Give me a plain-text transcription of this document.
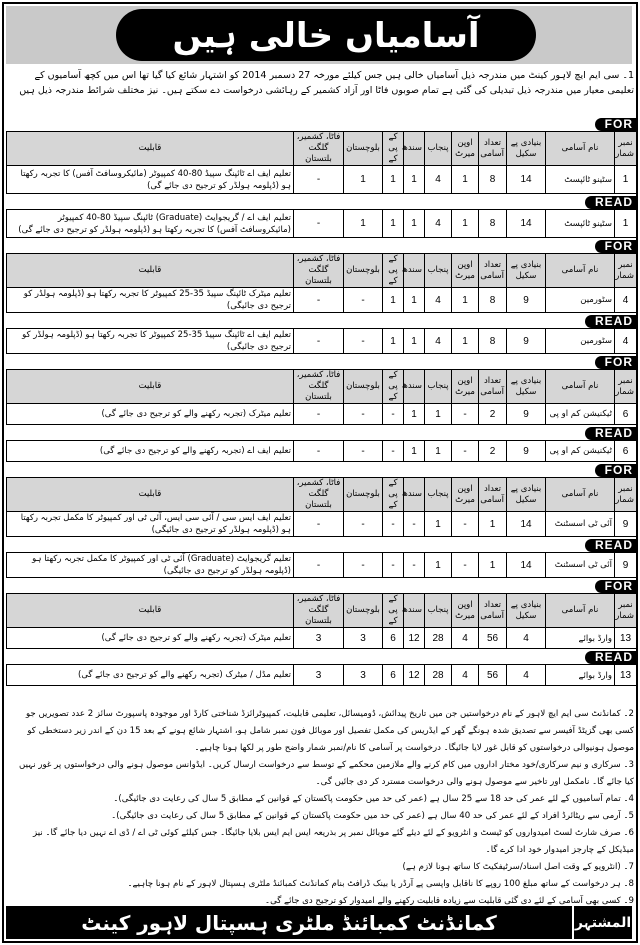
آسامیاں خالی ہیں
1۔ سی ایم ایچ لاہور کینٹ میں مندرجہ ذیل آسامیاں خالی ہیں جس کیلئے مورخہ 27 دسمبر 2014 کو اشتہار شائع کیا گیا تھا اس میں کچھ آسامیوں کے تعلیمی معیار میں مندرجہ ذیل تبدیلی کی گئی ہے تمام صوبوں فاٹا اور آزاد کشمیر کے رہائشی درخواست دے سکتے ہیں۔ نیز مختلف شرائط مندرجہ ذیل ہیں
FOR
نمبر شمار	نام آسامی	بنیادی پے سکیل	تعداد آسامی	اوپن میرٹ	پنجاب	سندھ	کے پی کے	بلوچستان	فاٹا، کشمیر، گلگت بلتستان	قابلیت
1	سٹینو ٹائپسٹ	14	8	1	4	1	1	1	-	تعلیم ایف اے ٹائپنگ سپیڈ 80-40 کمپیوٹر (مائیکروسافٹ آفس) کا تجربہ رکھتا ہو (ڈپلومہ ہولڈر کو ترجیح دی جائے گی)
READ
1	سٹینو ٹائپسٹ	14	8	1	4	1	1	1	-	تعلیم ایف اے / گریجوایٹ (Graduate) ٹائپنگ سپیڈ 80-40 کمپیوٹر (مائیکروسافٹ آفس) کا تجربہ رکھتا ہو (ڈپلومہ ہولڈر کو ترجیح دی جائے گی)
FOR
نمبر شمار	نام آسامی	بنیادی پے سکیل	تعداد آسامی	اوپن میرٹ	پنجاب	سندھ	کے پی کے	بلوچستان	فاٹا، کشمیر، گلگت بلتستان	قابلیت
4	سٹورمین	9	8	1	4	1	1	-	-	تعلیم میٹرک ٹائپنگ سپیڈ 35-25 کمپیوٹر کا تجربہ رکھتا ہو (ڈپلومہ ہولڈر کو ترجیح دی جائیگی)
READ
4	سٹورمین	9	8	1	4	1	1	-	-	تعلیم ایف اے ٹائپنگ سپیڈ 35-25 کمپیوٹر کا تجربہ رکھتا ہو (ڈپلومہ ہولڈر کو ترجیح دی جائیگی)
FOR
نمبر شمار	نام آسامی	بنیادی پے سکیل	تعداد آسامی	اوپن میرٹ	پنجاب	سندھ	کے پی کے	بلوچستان	فاٹا، کشمیر، گلگت بلتستان	قابلیت
6	ٹیکنیشن کم او پی	9	2	-	1	1	-	-	-	تعلیم میٹرک (تجربہ رکھنے والے کو ترجیح دی جائے گی)
READ
6	ٹیکنیشن کم او پی	9	2	-	1	1	-	-	-	تعلیم ایف اے (تجربہ رکھنے والے کو ترجیح دی جائے گی)
FOR
نمبر شمار	نام آسامی	بنیادی پے سکیل	تعداد آسامی	اوپن میرٹ	پنجاب	سندھ	کے پی کے	بلوچستان	فاٹا، کشمیر، گلگت بلتستان	قابلیت
9	آئی ٹی اسسٹنٹ	14	1	-	1	-	-	-	-	تعلیم ایف ایس سی / آئی سی ایس، آئی ٹی اور کمپیوٹر کا مکمل تجربہ رکھتا ہو (ڈپلومہ ہولڈر کو ترجیح دی جائیگی)
READ
9	آئی ٹی اسسٹنٹ	14	1	-	1	-	-	-	-	تعلیم گریجوایٹ (Graduate) آئی ٹی اور کمپیوٹر کا مکمل تجربہ رکھتا ہو (ڈپلومہ ہولڈر کو ترجیح دی جائیگی)
FOR
نمبر شمار	نام آسامی	بنیادی پے سکیل	تعداد آسامی	اوپن میرٹ	پنجاب	سندھ	کے پی کے	بلوچستان	فاٹا، کشمیر، گلگت بلتستان	قابلیت
13	وارڈ بوائے	4	56	4	28	12	6	3	3	تعلیم میٹرک (تجربہ رکھنے والے کو ترجیح دی جائے گی)
READ
13	وارڈ بوائے	4	56	4	28	12	6	3	3	تعلیم مڈل / میٹرک (تجربہ رکھنے والے کو ترجیح دی جائے گی)
2۔ کمانڈنٹ سی ایم ایچ لاہور کے نام درخواستیں جن میں تاریخ پیدائش، ڈومیسائل، تعلیمی قابلیت، کمپیوٹرائزڈ شناختی کارڈ اور موجودہ پاسپورٹ سائز 2 عدد تصویریں جو کسی بھی گزیٹڈ آفیسر سے تصدیق شدہ ہونگے گھر کے ایڈریس کی مکمل تفصیل اور موبائل فون نمبر شامل ہو، اشتہار شائع ہونے کے بعد 15 دن کے اندر زیر دستخطی کو موصول ہونیوالی درخواستوں کو قابل غور لایا جائیگا۔ درخواست پر آسامی کا نام/نمبر شمار واضح طور پر لکھا ہونا چاہیے۔
3۔ سرکاری و نیم سرکاری/خود مختار اداروں میں کام کرنے والے ملازمین محکمے کے توسط سے درخواست ارسال کریں۔ ایڈوانس موصول ہونے والی درخواستوں پر غور نہیں کیا جائے گا۔ نامکمل اور تاخیر سے موصول ہونے والی درخواست مسترد کر دی جائیں گی۔
4۔ تمام آسامیوں کے لئے عمر کی حد 18 سے 25 سال ہے (عمر کی حد میں حکومت پاکستان کے قوانین کے مطابق 5 سال کی رعایت دی جائیگی)۔
5۔ آرمی سے ریٹائرڈ افراد کے لئے عمر کی حد 40 سال ہے (عمر کی حد میں حکومت پاکستان کے قوانین کے مطابق 5 سال کی رعایت دی جائیگی)۔
6۔ صرف شارٹ لسٹ امیدواروں کو ٹیسٹ و انٹرویو کے لئے دیئے گئے موبائل نمبر پر بذریعہ ایس ایم ایس بلایا جائیگا۔ جس کیلئے کوئی ٹی اے / ڈی اے نہیں دیا جائے گا۔ نیز میڈیکل کے چارجز امیدوار خود ادا کرے گا۔
7۔ (انٹرویو کے وقت اصل اسناد/سرٹیفکیٹ کا ساتھ ہونا لازم ہے)
8۔ ہر درخواست کے ساتھ مبلغ 100 روپے کا ناقابل واپسی پے آرڈر یا بینک ڈرافٹ بنام کمانڈنٹ کمبائنڈ ملٹری ہسپتال لاہور کے نام ہونا چاہیے۔
9۔ کسی بھی آسامی کے لئے دی گئی قابلیت سے زیادہ قابلیت رکھنے والے امیدوار کو ترجیح دی جائے گی۔
المشتہر
کمانڈنٹ کمبائنڈ ملٹری ہسپتال لاہور کینٹ
